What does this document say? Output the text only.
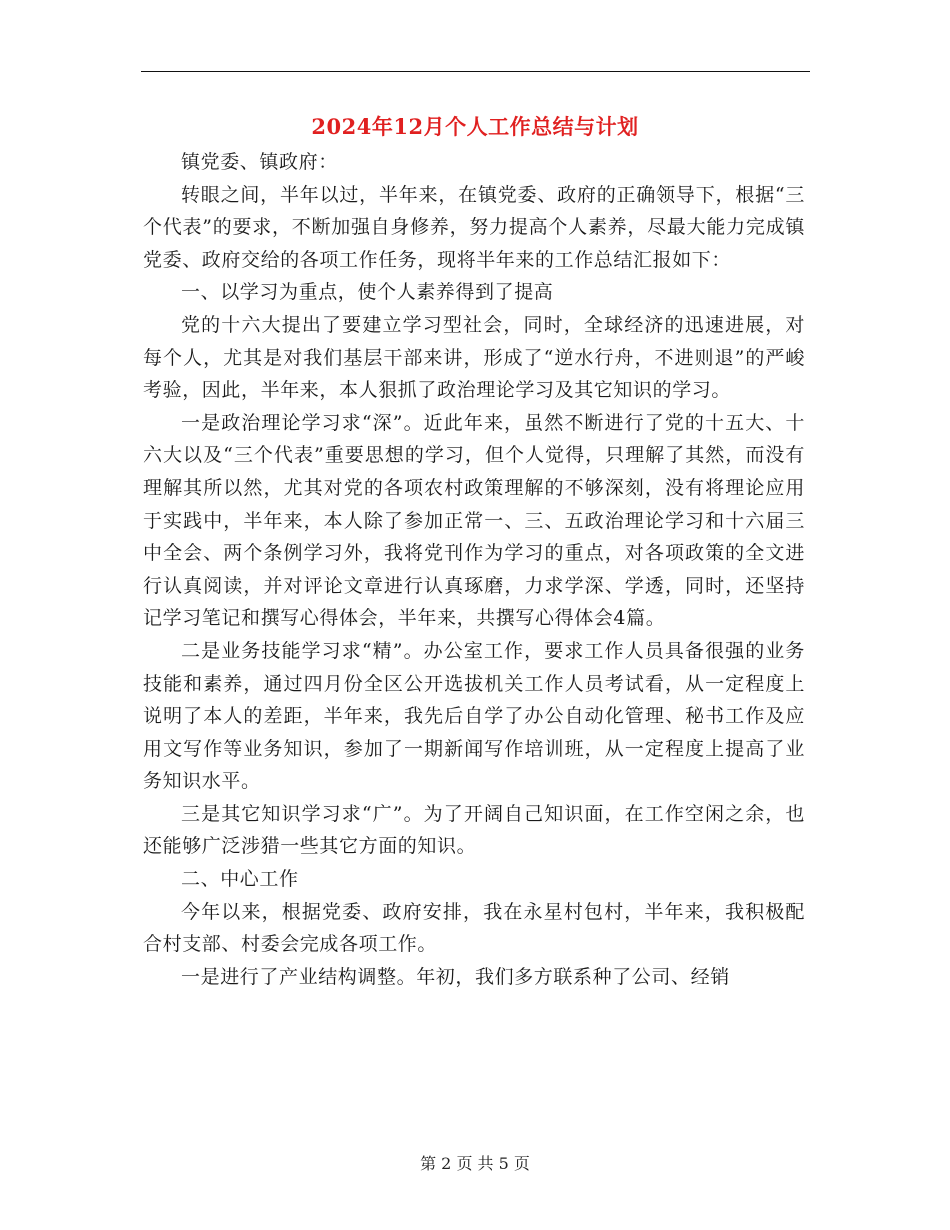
2024年12月个人工作总结与计划

镇党委、镇政府：

转眼之间，半年以过，半年来，在镇党委、政府的正确领导下，根据“三个代表”的要求，不断加强自身修养，努力提高个人素养，尽最大能力完成镇党委、政府交给的各项工作任务，现将半年来的工作总结汇报如下：

一、以学习为重点，使个人素养得到了提高

党的十六大提出了要建立学习型社会，同时，全球经济的迅速进展，对每个人，尤其是对我们基层干部来讲，形成了“逆水行舟，不进则退”的严峻考验，因此，半年来，本人狠抓了政治理论学习及其它知识的学习。

一是政治理论学习求“深”。近此年来，虽然不断进行了党的十五大、十六大以及“三个代表”重要思想的学习，但个人觉得，只理解了其然，而没有理解其所以然，尤其对党的各项农村政策理解的不够深刻，没有将理论应用于实践中，半年来，本人除了参加正常一、三、五政治理论学习和十六届三中全会、两个条例学习外，我将党刊作为学习的重点，对各项政策的全文进行认真阅读，并对评论文章进行认真琢磨，力求学深、学透，同时，还坚持记学习笔记和撰写心得体会，半年来，共撰写心得体会4篇。

二是业务技能学习求“精”。办公室工作，要求工作人员具备很强的业务技能和素养，通过四月份全区公开选拔机关工作人员考试看，从一定程度上说明了本人的差距，半年来，我先后自学了办公自动化管理、秘书工作及应用文写作等业务知识，参加了一期新闻写作培训班，从一定程度上提高了业务知识水平。

三是其它知识学习求“广”。为了开阔自己知识面，在工作空闲之余，也还能够广泛涉猎一些其它方面的知识。

二、中心工作

今年以来，根据党委、政府安排，我在永星村包村，半年来，我积极配合村支部、村委会完成各项工作。

一是进行了产业结构调整。年初，我们多方联系种了公司、经销

第 2 页 共 5 页
